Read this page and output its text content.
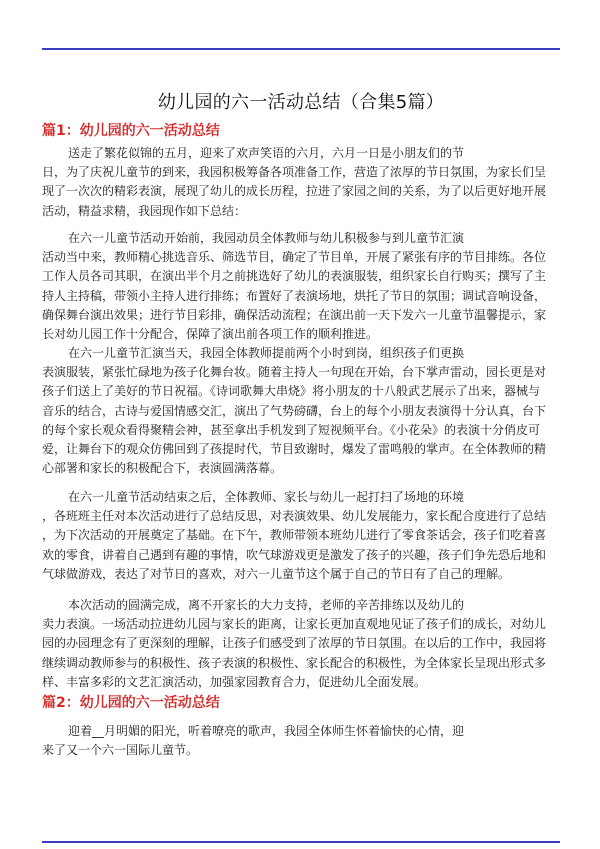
幼儿园的六一活动总结（合集5篇）
篇1：幼儿园的六一活动总结
送走了繁花似锦的五月，迎来了欢声笑语的六月，六月一日是小朋友们的节
日，为了庆祝儿童节的到来，我园积极筹备各项准备工作，营造了浓厚的节日氛围，为家长们呈
现了一次次的精彩表演，展现了幼儿的成长历程，拉进了家园之间的关系，为了以后更好地开展
活动，精益求精，我园现作如下总结：
在六一儿童节活动开始前，我园动员全体教师与幼儿积极参与到儿童节汇演
活动当中来，教师精心挑选音乐、筛选节目，确定了节目单，开展了紧张有序的节目排练。各位
工作人员各司其职，在演出半个月之前挑选好了幼儿的表演服装，组织家长自行购买；撰写了主
持人主持稿，带领小主持人进行排练；布置好了表演场地，烘托了节日的氛围；调试音响设备，
确保舞台演出效果；进行节目彩排，确保活动流程；在演出前一天下发六一儿童节温馨提示，家
长对幼儿园工作十分配合，保障了演出前各项工作的顺利推进。
在六一儿童节汇演当天，我园全体教师提前两个小时到岗，组织孩子们更换
表演服装，紧张忙碌地为孩子化舞台妆。随着主持人一句现在开始，台下掌声雷动，园长更是对
孩子们送上了美好的节日祝福。《诗词歌舞大串烧》将小朋友的十八般武艺展示了出来，器械与
音乐的结合，古诗与爱国情感交汇，演出了气势磅礴，台上的每个小朋友表演得十分认真，台下
的每个家长观众看得聚精会神，甚至拿出手机发到了短视频平台。《小花朵》的表演十分俏皮可
爱，让舞台下的观众仿佛回到了孩提时代，节目致谢时，爆发了雷鸣般的掌声。在全体教师的精
心部署和家长的积极配合下，表演圆满落幕。
在六一儿童节活动结束之后，全体教师、家长与幼儿一起打扫了场地的环境
，各班班主任对本次活动进行了总结反思，对表演效果、幼儿发展能力，家长配合度进行了总结
，为下次活动的开展奠定了基础。在下午，教师带领本班幼儿进行了零食茶话会，孩子们吃着喜
欢的零食，讲着自己遇到有趣的事情，吹气球游戏更是激发了孩子的兴趣，孩子们争先恐后地和
气球做游戏，表达了对节日的喜欢，对六一儿童节这个属于自己的节日有了自己的理解。
本次活动的圆满完成，离不开家长的大力支持，老师的辛苦排练以及幼儿的
卖力表演。一场活动拉进幼儿园与家长的距离，让家长更加直观地见证了孩子们的成长，对幼儿
园的办园理念有了更深刻的理解，让孩子们感受到了浓厚的节日氛围。在以后的工作中，我园将
继续调动教师参与的积极性、孩子表演的积极性、家长配合的积极性，为全体家长呈现出形式多
样、丰富多彩的文艺汇演活动，加强家园教育合力，促进幼儿全面发展。
篇2：幼儿园的六一活动总结
迎着__月明媚的阳光，听着嘹亮的歌声，我园全体师生怀着愉快的心情，迎
来了又一个六一国际儿童节。
